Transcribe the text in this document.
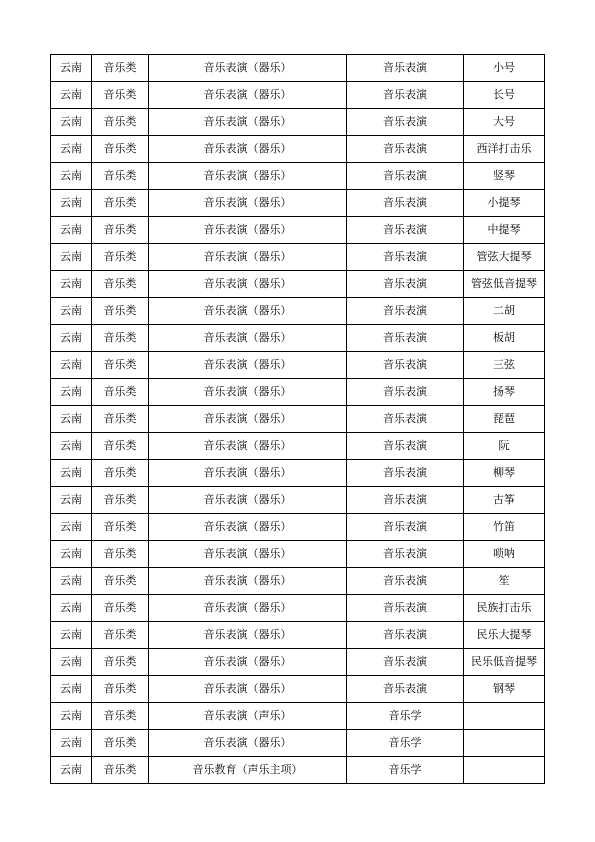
云南	音乐类	音乐表演（器乐）	音乐表演	小号
云南	音乐类	音乐表演（器乐）	音乐表演	长号
云南	音乐类	音乐表演（器乐）	音乐表演	大号
云南	音乐类	音乐表演（器乐）	音乐表演	西洋打击乐
云南	音乐类	音乐表演（器乐）	音乐表演	竖琴
云南	音乐类	音乐表演（器乐）	音乐表演	小提琴
云南	音乐类	音乐表演（器乐）	音乐表演	中提琴
云南	音乐类	音乐表演（器乐）	音乐表演	管弦大提琴
云南	音乐类	音乐表演（器乐）	音乐表演	管弦低音提琴
云南	音乐类	音乐表演（器乐）	音乐表演	二胡
云南	音乐类	音乐表演（器乐）	音乐表演	板胡
云南	音乐类	音乐表演（器乐）	音乐表演	三弦
云南	音乐类	音乐表演（器乐）	音乐表演	扬琴
云南	音乐类	音乐表演（器乐）	音乐表演	琵琶
云南	音乐类	音乐表演（器乐）	音乐表演	阮
云南	音乐类	音乐表演（器乐）	音乐表演	柳琴
云南	音乐类	音乐表演（器乐）	音乐表演	古筝
云南	音乐类	音乐表演（器乐）	音乐表演	竹笛
云南	音乐类	音乐表演（器乐）	音乐表演	唢呐
云南	音乐类	音乐表演（器乐）	音乐表演	笙
云南	音乐类	音乐表演（器乐）	音乐表演	民族打击乐
云南	音乐类	音乐表演（器乐）	音乐表演	民乐大提琴
云南	音乐类	音乐表演（器乐）	音乐表演	民乐低音提琴
云南	音乐类	音乐表演（器乐）	音乐表演	钢琴
云南	音乐类	音乐表演（声乐）	音乐学	
云南	音乐类	音乐表演（器乐）	音乐学	
云南	音乐类	音乐教育（声乐主项）	音乐学	
